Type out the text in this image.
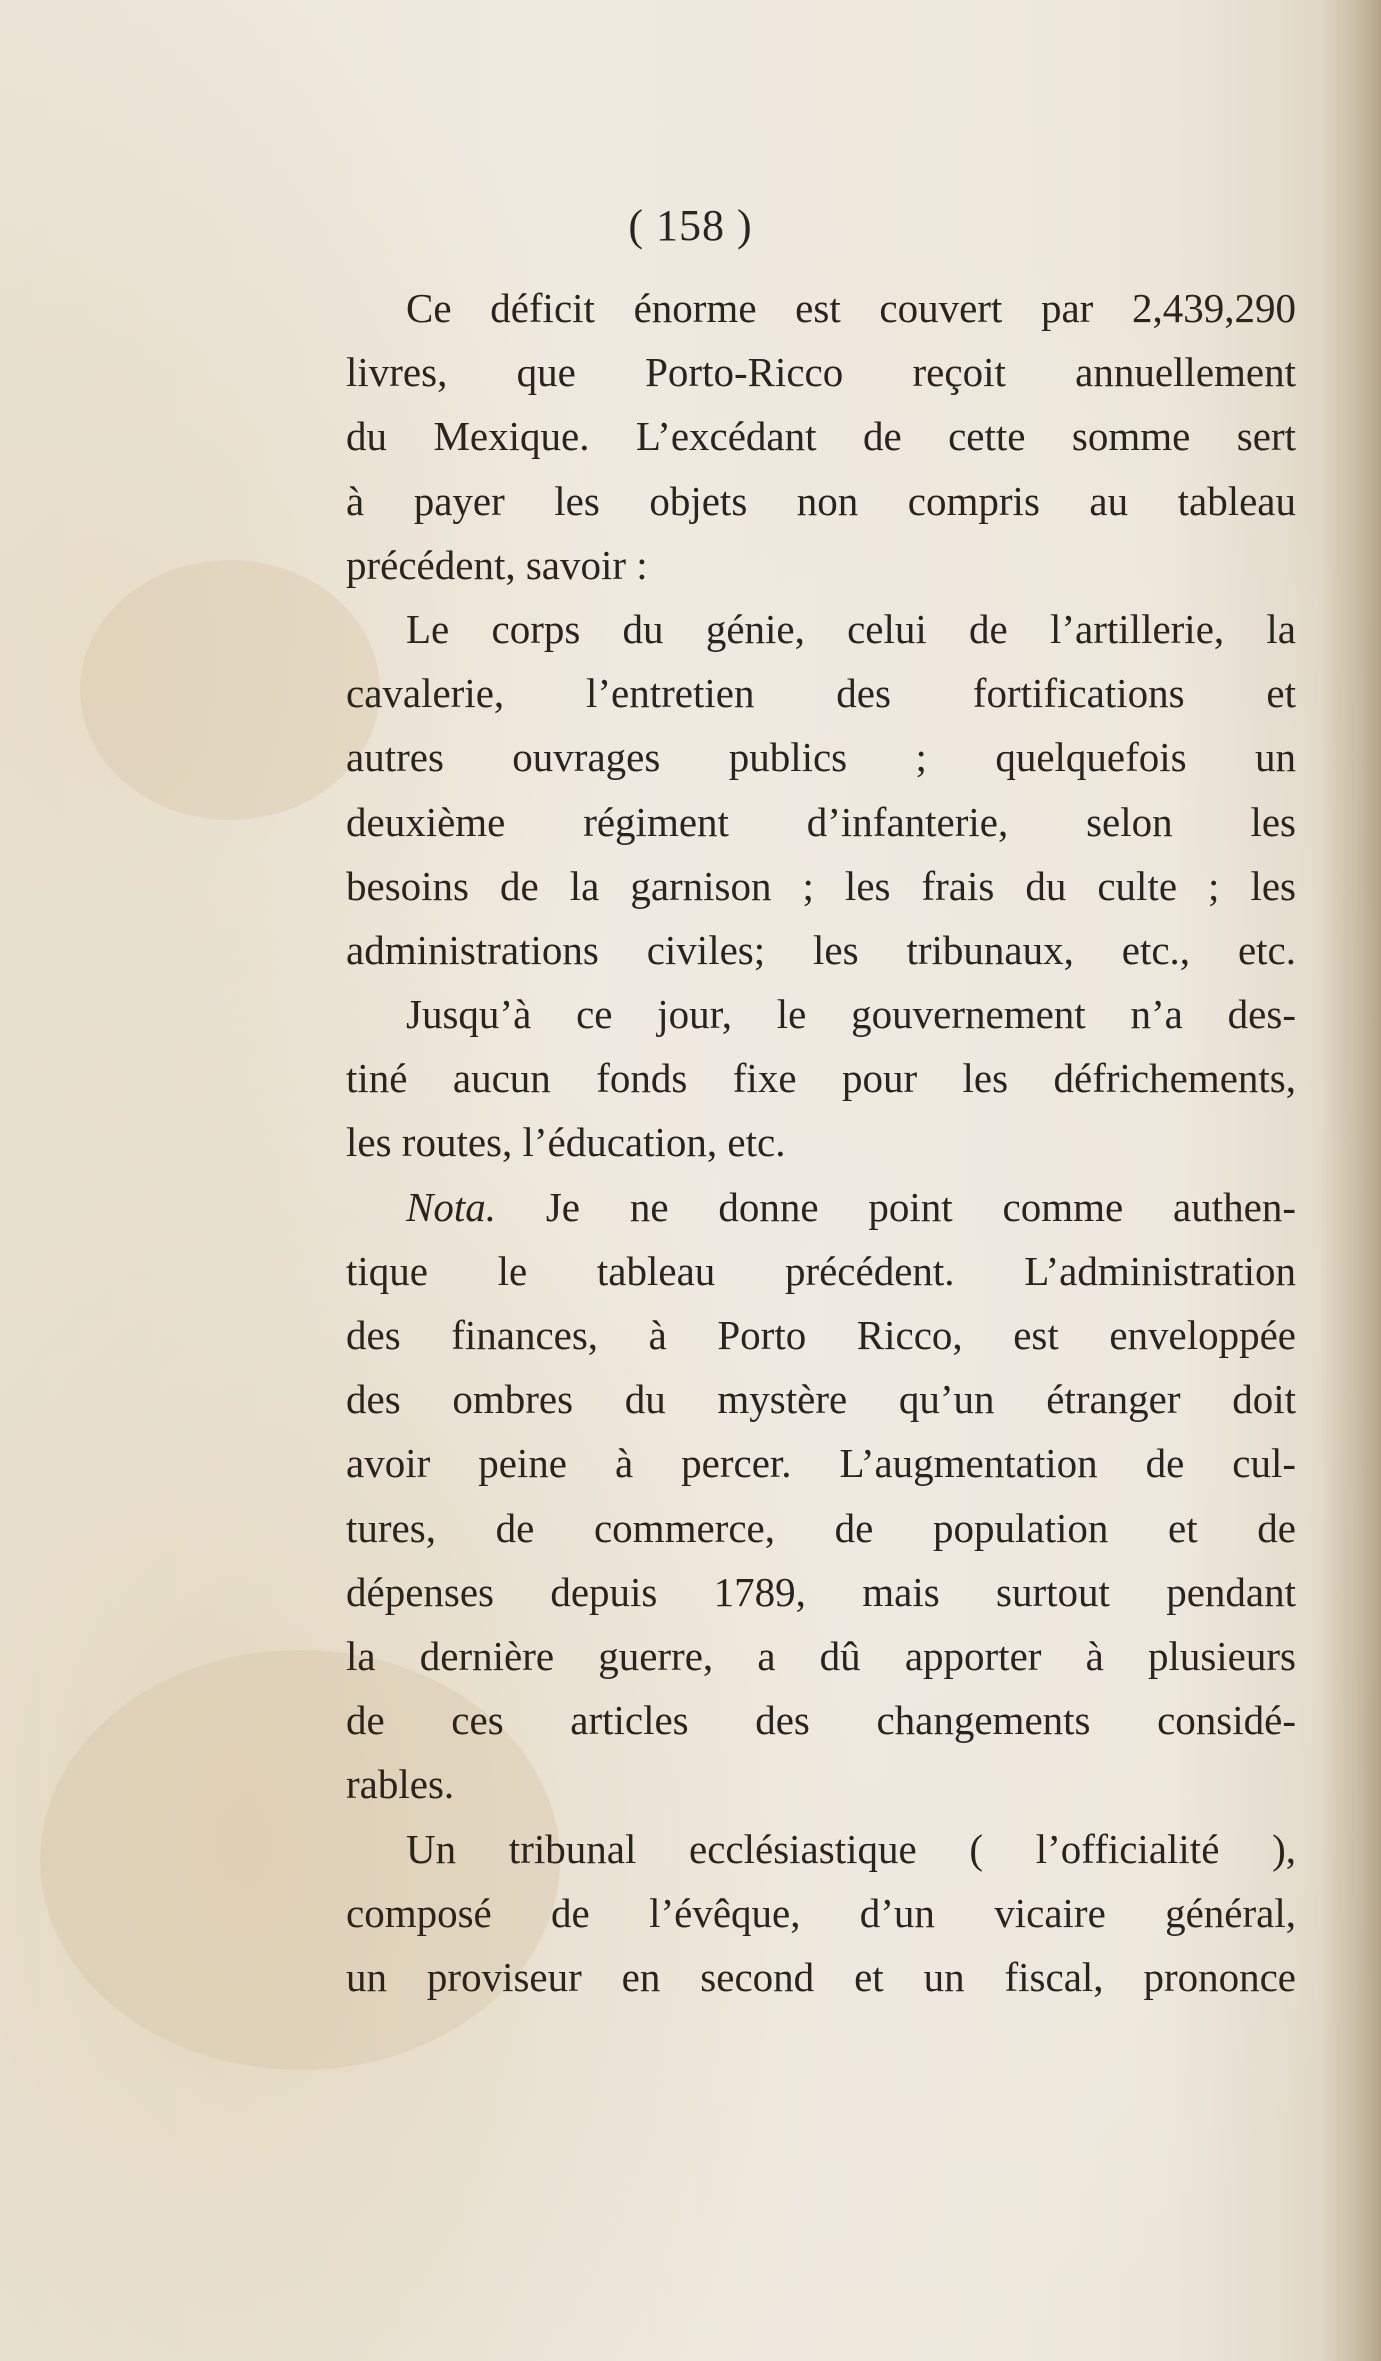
( 158 )
Ce déficit énorme est couvert par 2,439,290
livres, que Porto-Ricco reçoit annuellement
du Mexique. L’excédant de cette somme sert
à payer les objets non compris au tableau
précédent, savoir :
Le corps du génie, celui de l’artillerie, la
cavalerie, l’entretien des fortifications et
autres ouvrages publics ; quelquefois un
deuxième régiment d’infanterie, selon les
besoins de la garnison ; les frais du culte ; les
administrations civiles; les tribunaux, etc., etc.
Jusqu’à ce jour, le gouvernement n’a des-
tiné aucun fonds fixe pour les défrichements,
les routes, l’éducation, etc.
Nota. Je ne donne point comme authen-
tique le tableau précédent. L’administration
des finances, à Porto Ricco, est enveloppée
des ombres du mystère qu’un étranger doit
avoir peine à percer. L’augmentation de cul-
tures, de commerce, de population et de
dépenses depuis 1789, mais surtout pendant
la dernière guerre, a dû apporter à plusieurs
de ces articles des changements considé-
rables.
Un tribunal ecclésiastique ( l’officialité ),
composé de l’évêque, d’un vicaire général,
un proviseur en second et un fiscal, prononce
